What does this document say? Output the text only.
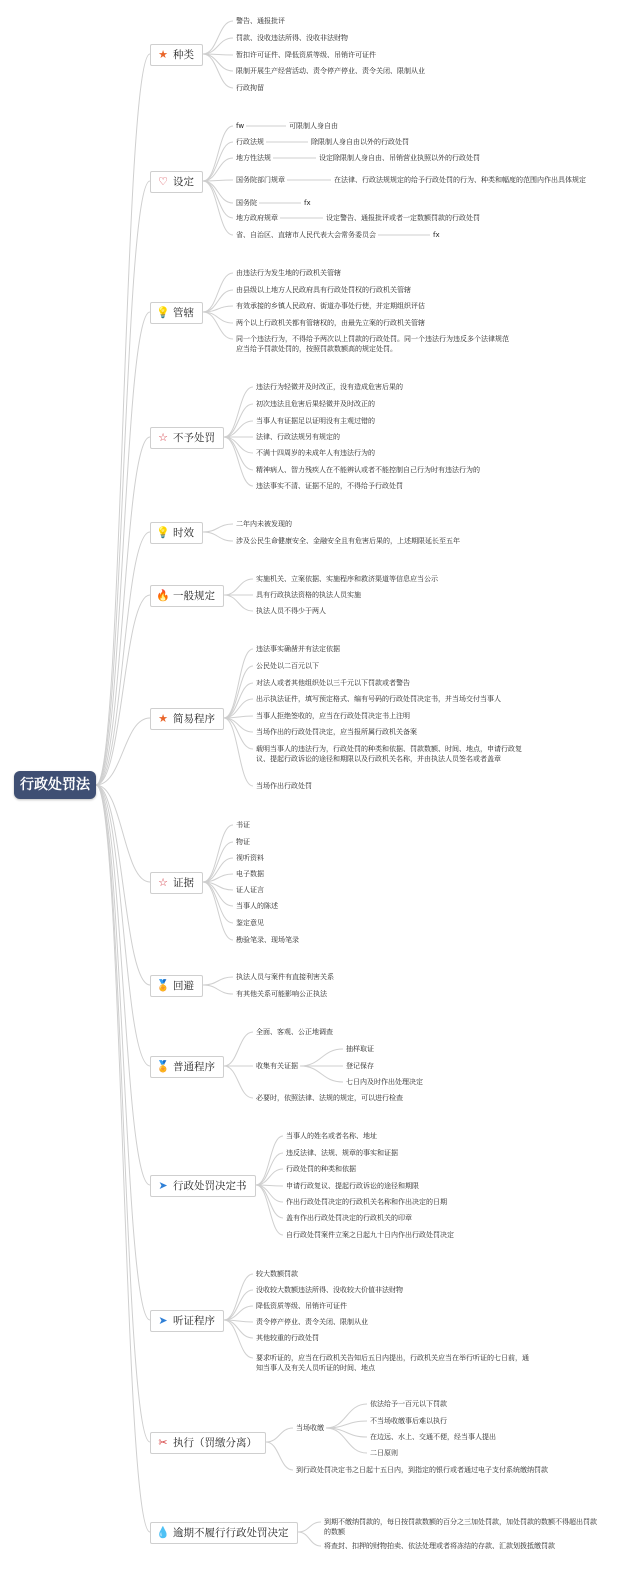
行政处罚法
★ 种类
警告、通报批评
罚款、没收违法所得、没收非法财物
暂扣许可证件、降低资质等级、吊销许可证件
限制开展生产经营活动、责令停产停业、责令关闭、限制从业
行政拘留
♡ 设定
fw	可限制人身自由
行政法规	除限制人身自由以外的行政处罚
地方性法规	设定除限制人身自由、吊销营业执照以外的行政处罚
国务院部门规章	在法律、行政法规规定的给予行政处罚的行为、种类和幅度的范围内作出具体规定
国务院	fx
地方政府规章	设定警告、通报批评或者一定数额罚款的行政处罚
省、自治区、直辖市人民代表大会常务委员会	fx
💡 管辖
由违法行为发生地的行政机关管辖
由县级以上地方人民政府具有行政处罚权的行政机关管辖
有效承接的乡镇人民政府、街道办事处行使，并定期组织评估
两个以上行政机关都有管辖权的，由最先立案的行政机关管辖
同一个违法行为，不得给予两次以上罚款的行政处罚。同一个违法行为违反多个法律规范应当给予罚款处罚的，按照罚款数额高的规定处罚。
☆ 不予处罚
违法行为轻微并及时改正，没有造成危害后果的
初次违法且危害后果轻微并及时改正的
当事人有证据足以证明没有主观过错的
法律、行政法规另有规定的
不满十四周岁的未成年人有违法行为的
精神病人、智力残疾人在不能辨认或者不能控制自己行为时有违法行为的
违法事实不清、证据不足的，不得给予行政处罚
💡 时效
二年内未被发现的
涉及公民生命健康安全、金融安全且有危害后果的，上述期限延长至五年
🔥 一般规定
实施机关、立案依据、实施程序和救济渠道等信息应当公示
具有行政执法资格的执法人员实施
执法人员不得少于两人
★ 简易程序
违法事实确凿并有法定依据
公民处以二百元以下
对法人或者其他组织处以三千元以下罚款或者警告
出示执法证件，填写预定格式、编有号码的行政处罚决定书，并当场交付当事人
当事人拒绝签收的，应当在行政处罚决定书上注明
当场作出的行政处罚决定，应当报所属行政机关备案
载明当事人的违法行为，行政处罚的种类和依据、罚款数额、时间、地点，申请行政复议、提起行政诉讼的途径和期限以及行政机关名称，并由执法人员签名或者盖章
当场作出行政处罚
☆ 证据
书证
物证
视听资料
电子数据
证人证言
当事人的陈述
鉴定意见
勘验笔录、现场笔录
🏅 回避
执法人员与案件有直接利害关系
有其他关系可能影响公正执法
🏅 普通程序
全面、客观、公正地调查
收集有关证据
抽样取证
登记保存
七日内及时作出处理决定
必要时，依照法律、法规的规定，可以进行检查
➤ 行政处罚决定书
当事人的姓名或者名称、地址
违反法律、法规、规章的事实和证据
行政处罚的种类和依据
申请行政复议、提起行政诉讼的途径和期限
作出行政处罚决定的行政机关名称和作出决定的日期
盖有作出行政处罚决定的行政机关的印章
自行政处罚案件立案之日起九十日内作出行政处罚决定
➤ 听证程序
较大数额罚款
没收较大数额违法所得、没收较大价值非法财物
降低资质等级、吊销许可证件
责令停产停业、责令关闭、限制从业
其他较重的行政处罚
要求听证的，应当在行政机关告知后五日内提出，行政机关应当在举行听证的七日前，通知当事人及有关人员听证的时间、地点
✂ 执行（罚缴分离）
当场收缴
依法给予一百元以下罚款
不当场收缴事后难以执行
在边远、水上、交通不便，经当事人提出
二日原则
到行政处罚决定书之日起十五日内，到指定的银行或者通过电子支付系统缴纳罚款
💧 逾期不履行行政处罚决定
到期不缴纳罚款的，每日按罚款数额的百分之三加处罚款，加处罚款的数额不得超出罚款的数额
将查封、扣押的财物拍卖、依法处理或者将冻结的存款、汇款划拨抵缴罚款
